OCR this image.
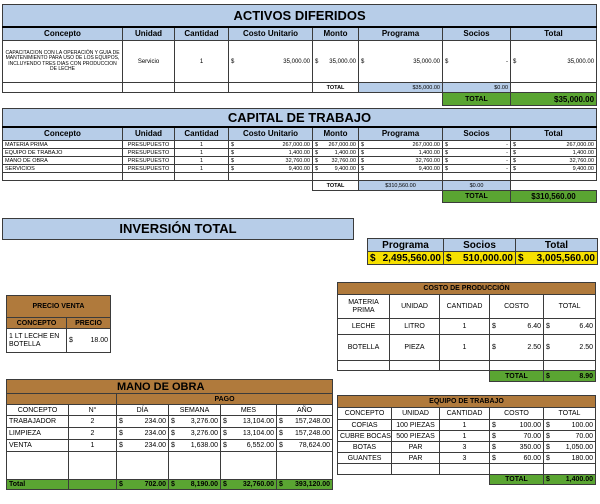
ACTIVOS DIFERIDOS							
Concepto	Unidad	Cantidad	Costo Unitario	Monto	Programa	Socios	Total
CAPACITACION CON LA OPERACIÓN Y GUIA DE MANTENIMIENTO PARA USO DE LOS EQUIPOS, INCLUYENDO TRES DIAS CON PRODUCCION DE LECHE	Servicio	1	$ 35,000.00	$ 35,000.00	$ 35,000.00	$ -	$ 35,000.00

				TOTAL	$35,000.00	$0.00	
						TOTAL	$35,000.00
CAPITAL DE TRABAJO							
Concepto	Unidad	Cantidad	Costo Unitario	Monto	Programa	Socios	Total
MATERIA PRIMA	PRESUPUESTO	1	$ 267,000.00	$ 267,000.00	$ 267,000.00	$ -	$ 267,000.00

EQUIPO DE TRABAJO	PRESUPUESTO	1	$ 1,400.00	$ 1,400.00	$ 1,400.00	$ -	$ 1,400.00

MANO DE OBRA	PRESUPUESTO	1	$ 32,760.00	$ 32,760.00	$ 32,760.00	$ -	$ 32,760.00

SERVICIOS	PRESUPUESTO	1	$ 9,400.00	$ 9,400.00	$ 9,400.00	$ -	$ 9,400.00

				TOTAL	$310,560.00	$0.00	
						TOTAL	$310,560.00
INVERSIÓN TOTAL
Programa	Socios	Total

$ 2,495,560.00	$ 510,000.00	$ 3,005,560.00
PRECIO VENTA	
CONCEPTO	PRECIO
1 LT LECHE EN BOTELLA	$ 18.00
COSTO DE PRODUCCIÓN				
MATERIA PRIMA	UNIDAD	CANTIDAD	COSTO	TOTAL
LECHE	LITRO	1	$ 6.40	$ 6.40

BOTELLA	PIEZA	1	$ 2.50	$ 2.50

			TOTAL	$ 8.90
MANO DE OBRA					
		PAGO			
CONCEPTO	N°	DÍA	SEMANA	MES	AÑO
TRABAJADOR	2	$ 234.00	$ 3,276.00	$ 13,104.00	$ 157,248.00

LIMPIEZA	2	$ 234.00	$ 3,276.00	$ 13,104.00	$ 157,248.00

VENTA	1	$ 234.00	$ 1,638.00	$ 6,552.00	$ 78,624.00

Total		$ 702.00	$ 8,190.00	$ 32,760.00	$ 393,120.00
EQUIPO DE TRABAJO				
CONCEPTO	UNIDAD	CANTIDAD	COSTO	TOTAL
COFIAS	100 PIEZAS	1	$ 100.00	$ 100.00

CUBRE BOCAS	500 PIEZAS	1	$ 70.00	$ 70.00

BOTAS	PAR	3	$ 350.00	$ 1,050.00

GUANTES	PAR	3	$ 60.00	$ 180.00

			TOTAL	$ 1,400.00
